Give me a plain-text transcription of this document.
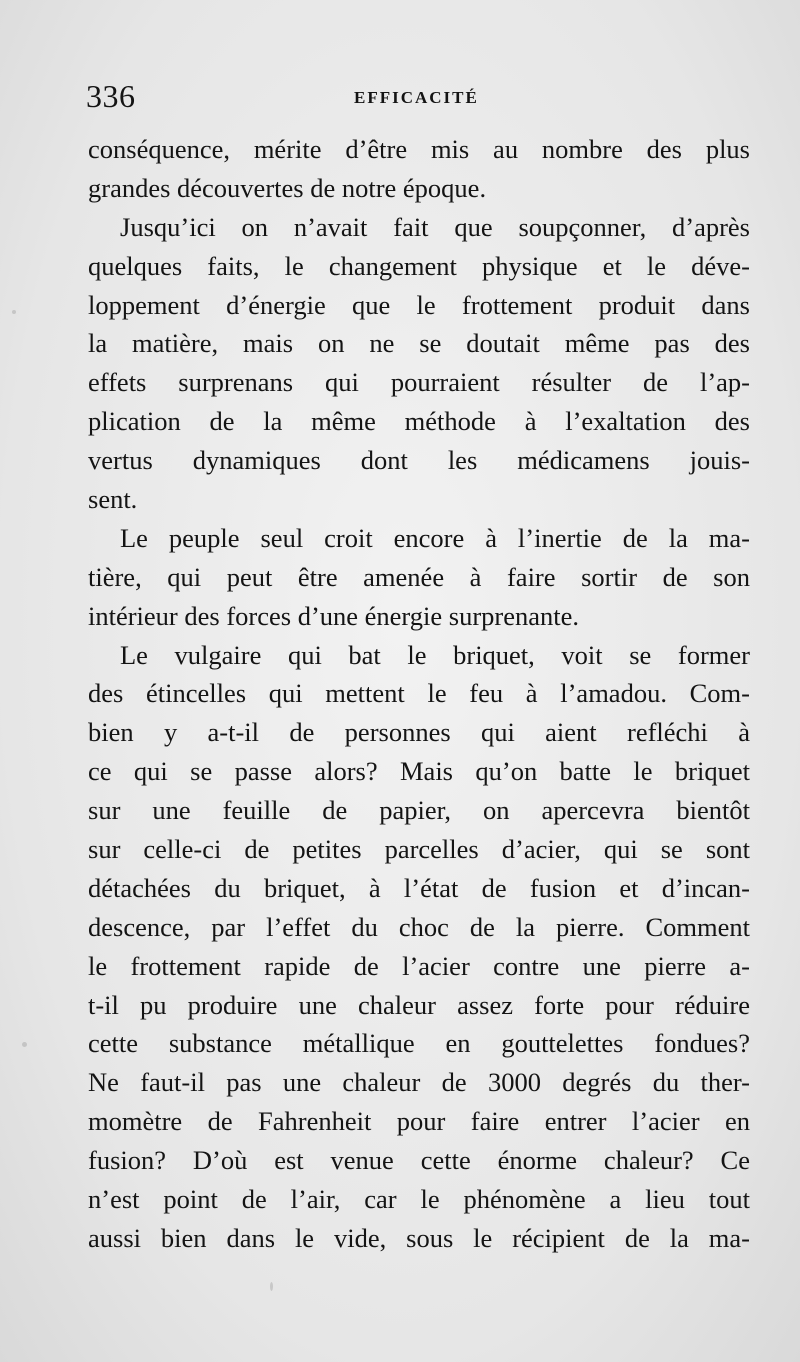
336	EFFICACITÉ
conséquence, mérite d’être mis au nombre des plus
grandes découvertes de notre époque.
Jusqu’ici on n’avait fait que soupçonner, d’après
quelques faits, le changement physique et le déve-
loppement d’énergie que le frottement produit dans
la matière, mais on ne se doutait même pas des
effets surprenans qui pourraient résulter de l’ap-
plication de la même méthode à l’exaltation des
vertus dynamiques dont les médicamens jouis-
sent.
Le peuple seul croit encore à l’inertie de la ma-
tière, qui peut être amenée à faire sortir de son
intérieur des forces d’une énergie surprenante.
Le vulgaire qui bat le briquet, voit se former
des étincelles qui mettent le feu à l’amadou. Com-
bien y a-t-il de personnes qui aient refléchi à
ce qui se passe alors? Mais qu’on batte le briquet
sur une feuille de papier, on apercevra bientôt
sur celle-ci de petites parcelles d’acier, qui se sont
détachées du briquet, à l’état de fusion et d’incan-
descence, par l’effet du choc de la pierre. Comment
le frottement rapide de l’acier contre une pierre a-
t-il pu produire une chaleur assez forte pour réduire
cette substance métallique en gouttelettes fondues?
Ne faut-il pas une chaleur de 3000 degrés du ther-
momètre de Fahrenheit pour faire entrer l’acier en
fusion? D’où est venue cette énorme chaleur? Ce
n’est point de l’air, car le phénomène a lieu tout
aussi bien dans le vide, sous le récipient de la ma-
